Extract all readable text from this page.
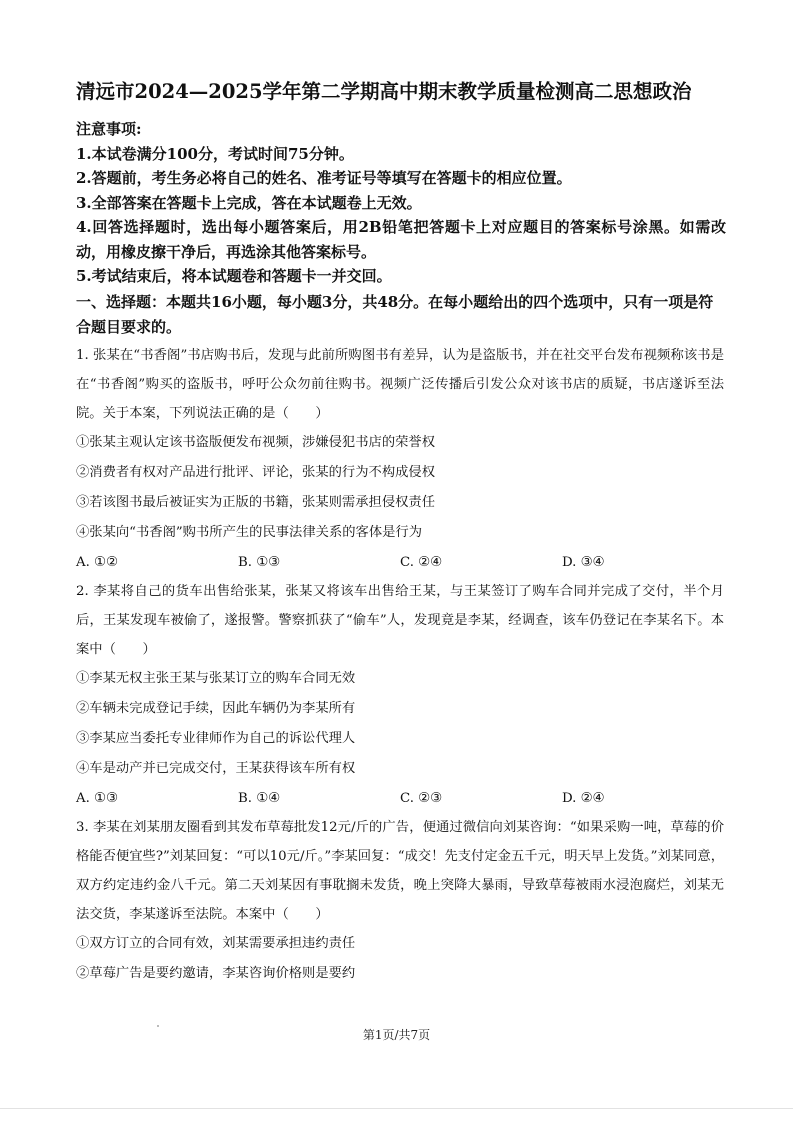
清远市2024—2025学年第二学期高中期末教学质量检测高二思想政治
注意事项:
1.本试卷满分100分，考试时间75分钟。
2.答题前，考生务必将自己的姓名、准考证号等填写在答题卡的相应位置。
3.全部答案在答题卡上完成，答在本试题卷上无效。
4.回答选择题时，选出每小题答案后，用2B铅笔把答题卡上对应题目的答案标号涂黑。如需改动，用橡皮擦干净后，再选涂其他答案标号。
5.考试结束后，将本试题卷和答题卡一并交回。
一、选择题：本题共16小题，每小题3分，共48分。在每小题给出的四个选项中，只有一项是符合题目要求的。
1. 张某在“书香阁”书店购书后，发现与此前所购图书有差异，认为是盗版书，并在社交平台发布视频称该书是在“书香阁”购买的盗版书，呼吁公众勿前往购书。视频广泛传播后引发公众对该书店的质疑，书店遂诉至法院。关于本案，下列说法正确的是（　　）
①张某主观认定该书盗版便发布视频，涉嫌侵犯书店的荣誉权
②消费者有权对产品进行批评、评论，张某的行为不构成侵权
③若该图书最后被证实为正版的书籍，张某则需承担侵权责任
④张某向“书香阁”购书所产生的民事法律关系的客体是行为
A. ①②	B. ①③	C. ②④	D. ③④
2. 李某将自己的货车出售给张某，张某又将该车出售给王某，与王某签订了购车合同并完成了交付，半个月后，王某发现车被偷了，遂报警。警察抓获了“偷车”人，发现竟是李某，经调查，该车仍登记在李某名下。本案中（　　）
①李某无权主张王某与张某订立的购车合同无效
②车辆未完成登记手续，因此车辆仍为李某所有
③李某应当委托专业律师作为自己的诉讼代理人
④车是动产并已完成交付，王某获得该车所有权
A. ①③	B. ①④	C. ②③	D. ②④
3. 李某在刘某朋友圈看到其发布草莓批发12元/斤的广告，便通过微信向刘某咨询：“如果采购一吨，草莓的价格能否便宜些?”刘某回复：“可以10元/斤。”李某回复：“成交！先支付定金五千元，明天早上发货。”刘某同意，双方约定违约金八千元。第二天刘某因有事耽搁未发货，晚上突降大暴雨，导致草莓被雨水浸泡腐烂，刘某无法交货，李某遂诉至法院。本案中（　　）
①双方订立的合同有效，刘某需要承担违约责任
②草莓广告是要约邀请，李某咨询价格则是要约
第1页/共7页
